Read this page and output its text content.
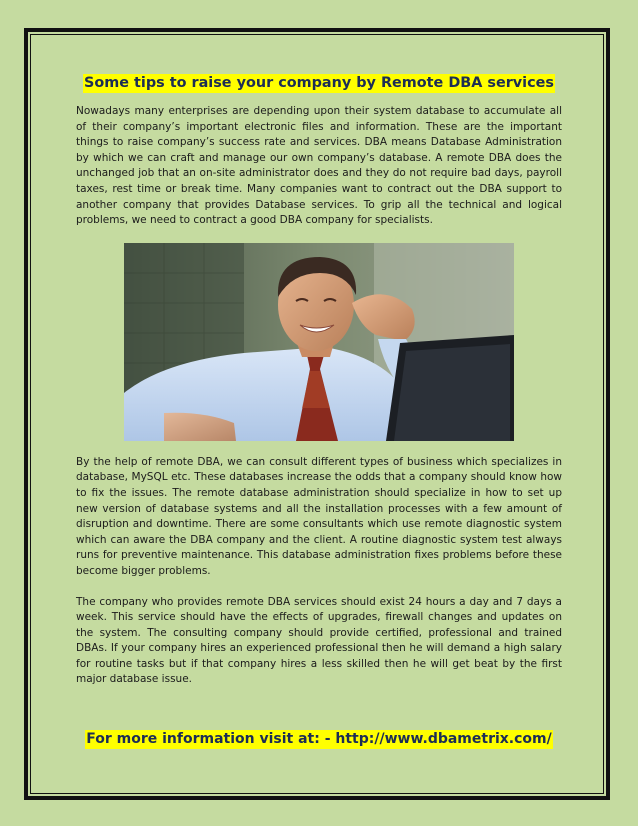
Some tips to raise your company by Remote DBA services

Nowadays many enterprises are depending upon their system database to accumulate all of their company’s important electronic files and information. These are the important things to raise company’s success rate and services. DBA means Database Administration by which we can craft and manage our own company’s database. A remote DBA does the unchanged job that an on-site administrator does and they do not require bad days, payroll taxes, rest time or break time. Many companies want to contract out the DBA support to another company that provides Database services. To grip all the technical and logical problems, we need to contract a good DBA company for specialists.

By the help of remote DBA, we can consult different types of business which specializes in database, MySQL etc. These databases increase the odds that a company should know how to fix the issues. The remote database administration should specialize in how to set up new version of database systems and all the installation processes with a few amount of disruption and downtime. There are some consultants which use remote diagnostic system which can aware the DBA company and the client. A routine diagnostic system test always runs for preventive maintenance. This database administration fixes problems before these become bigger problems.

The company who provides remote DBA services should exist 24 hours a day and 7 days a week. This service should have the effects of upgrades, firewall changes and updates on the system. The consulting company should provide certified, professional and trained DBAs. If your company hires an experienced professional then he will demand a high salary for routine tasks but if that company hires a less skilled then he will get beat by the first major database issue.

For more information visit at: - http://www.dbametrix.com/
